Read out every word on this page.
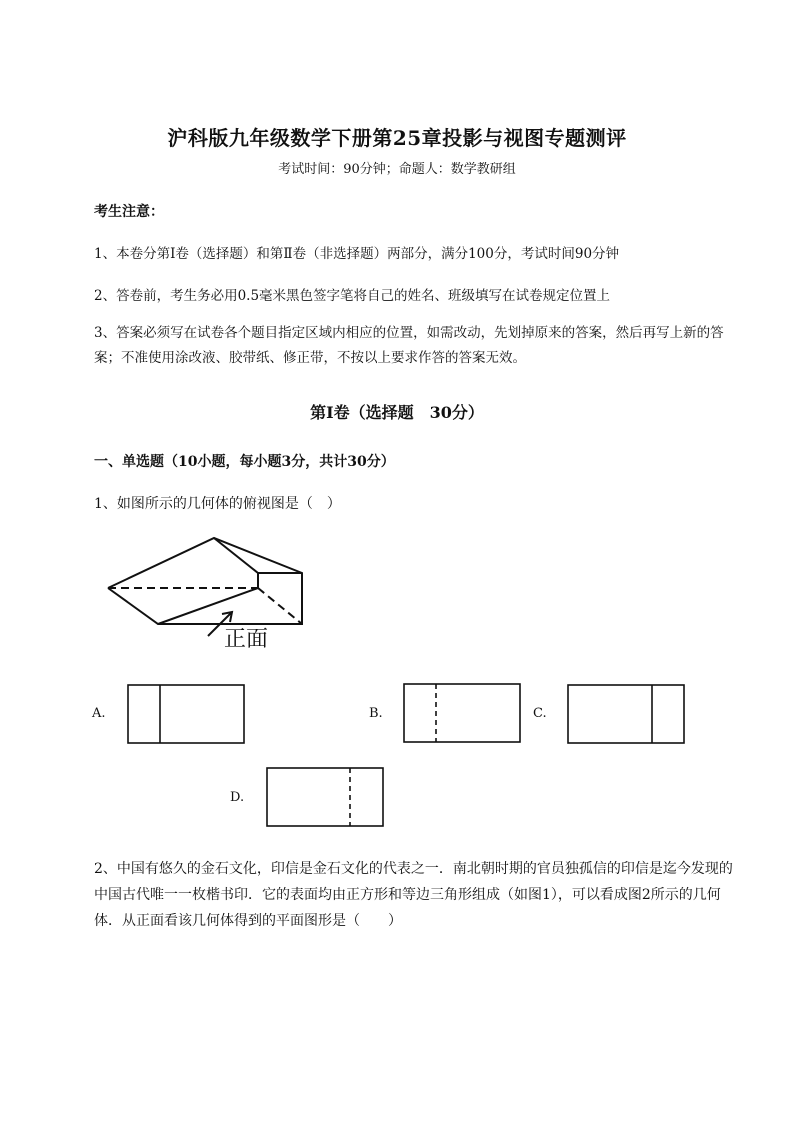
沪科版九年级数学下册第25章投影与视图专题测评
考试时间：90分钟；命题人：数学教研组
考生注意：
1、本卷分第I卷（选择题）和第Ⅱ卷（非选择题）两部分，满分100分，考试时间90分钟
2、答卷前，考生务必用0.5毫米黑色签字笔将自己的姓名、班级填写在试卷规定位置上
3、答案必须写在试卷各个题目指定区域内相应的位置，如需改动，先划掉原来的答案，然后再写上新的答案；不准使用涂改液、胶带纸、修正带，不按以上要求作答的答案无效。
第I卷（选择题　30分）
一、单选题（10小题，每小题3分，共计30分）
1、如图所示的几何体的俯视图是（　）
正面
A.	B.	C.
D.
2、中国有悠久的金石文化，印信是金石文化的代表之一．南北朝时期的官员独孤信的印信是迄今发现的中国古代唯一一枚楷书印．它的表面均由正方形和等边三角形组成（如图1），可以看成图2所示的几何体．从正面看该几何体得到的平面图形是（　　）
